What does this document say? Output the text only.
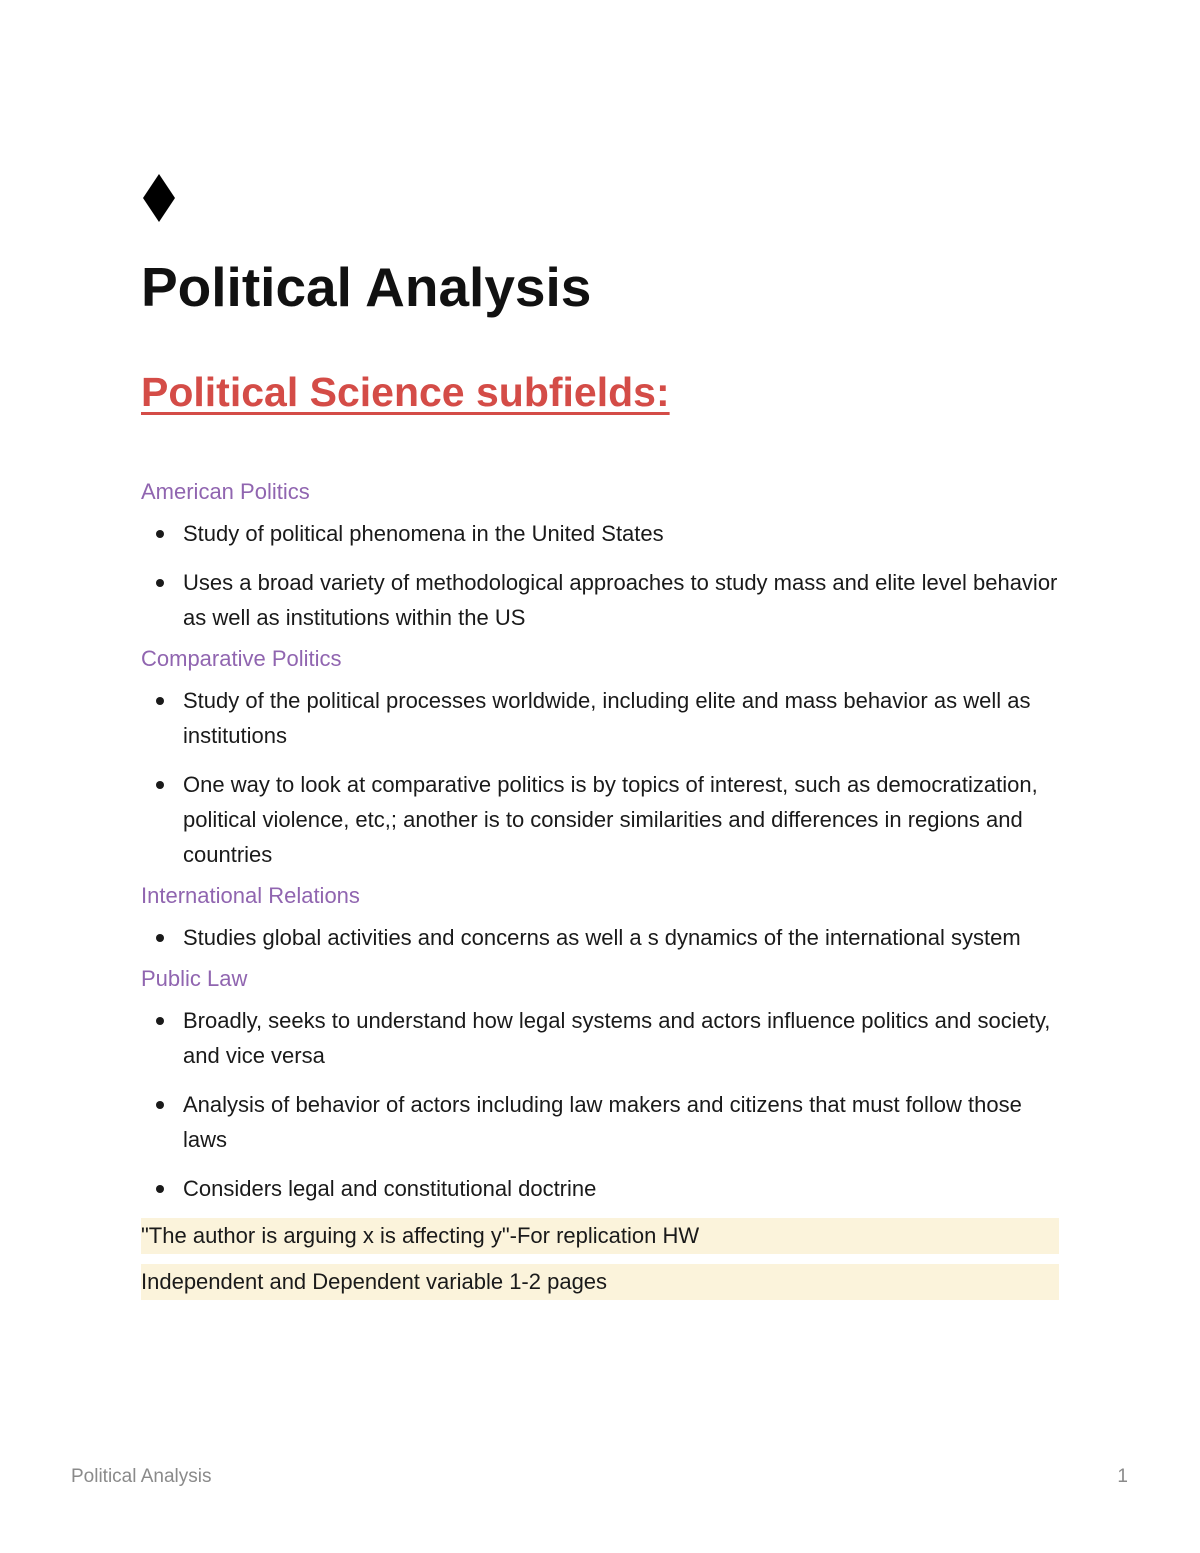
Political Analysis
Political Science subfields:
American Politics
Study of political phenomena in the United States
Uses a broad variety of methodological approaches to study mass and elite level behavior as well as institutions within the US
Comparative Politics
Study of the political processes worldwide, including elite and mass behavior as well as institutions
One way to look at comparative politics is by topics of interest, such as democratization, political violence, etc,; another is to consider similarities and differences in regions and countries
International Relations
Studies global activities and concerns as well a s dynamics of the international system
Public Law
Broadly, seeks to understand how legal systems and actors influence politics and society, and vice versa
Analysis of behavior of actors including law makers and citizens that must follow those laws
Considers legal and constitutional doctrine
"The author is arguing x is affecting y"-For replication HW
Independent and Dependent variable 1-2 pages
Political Analysis	1
